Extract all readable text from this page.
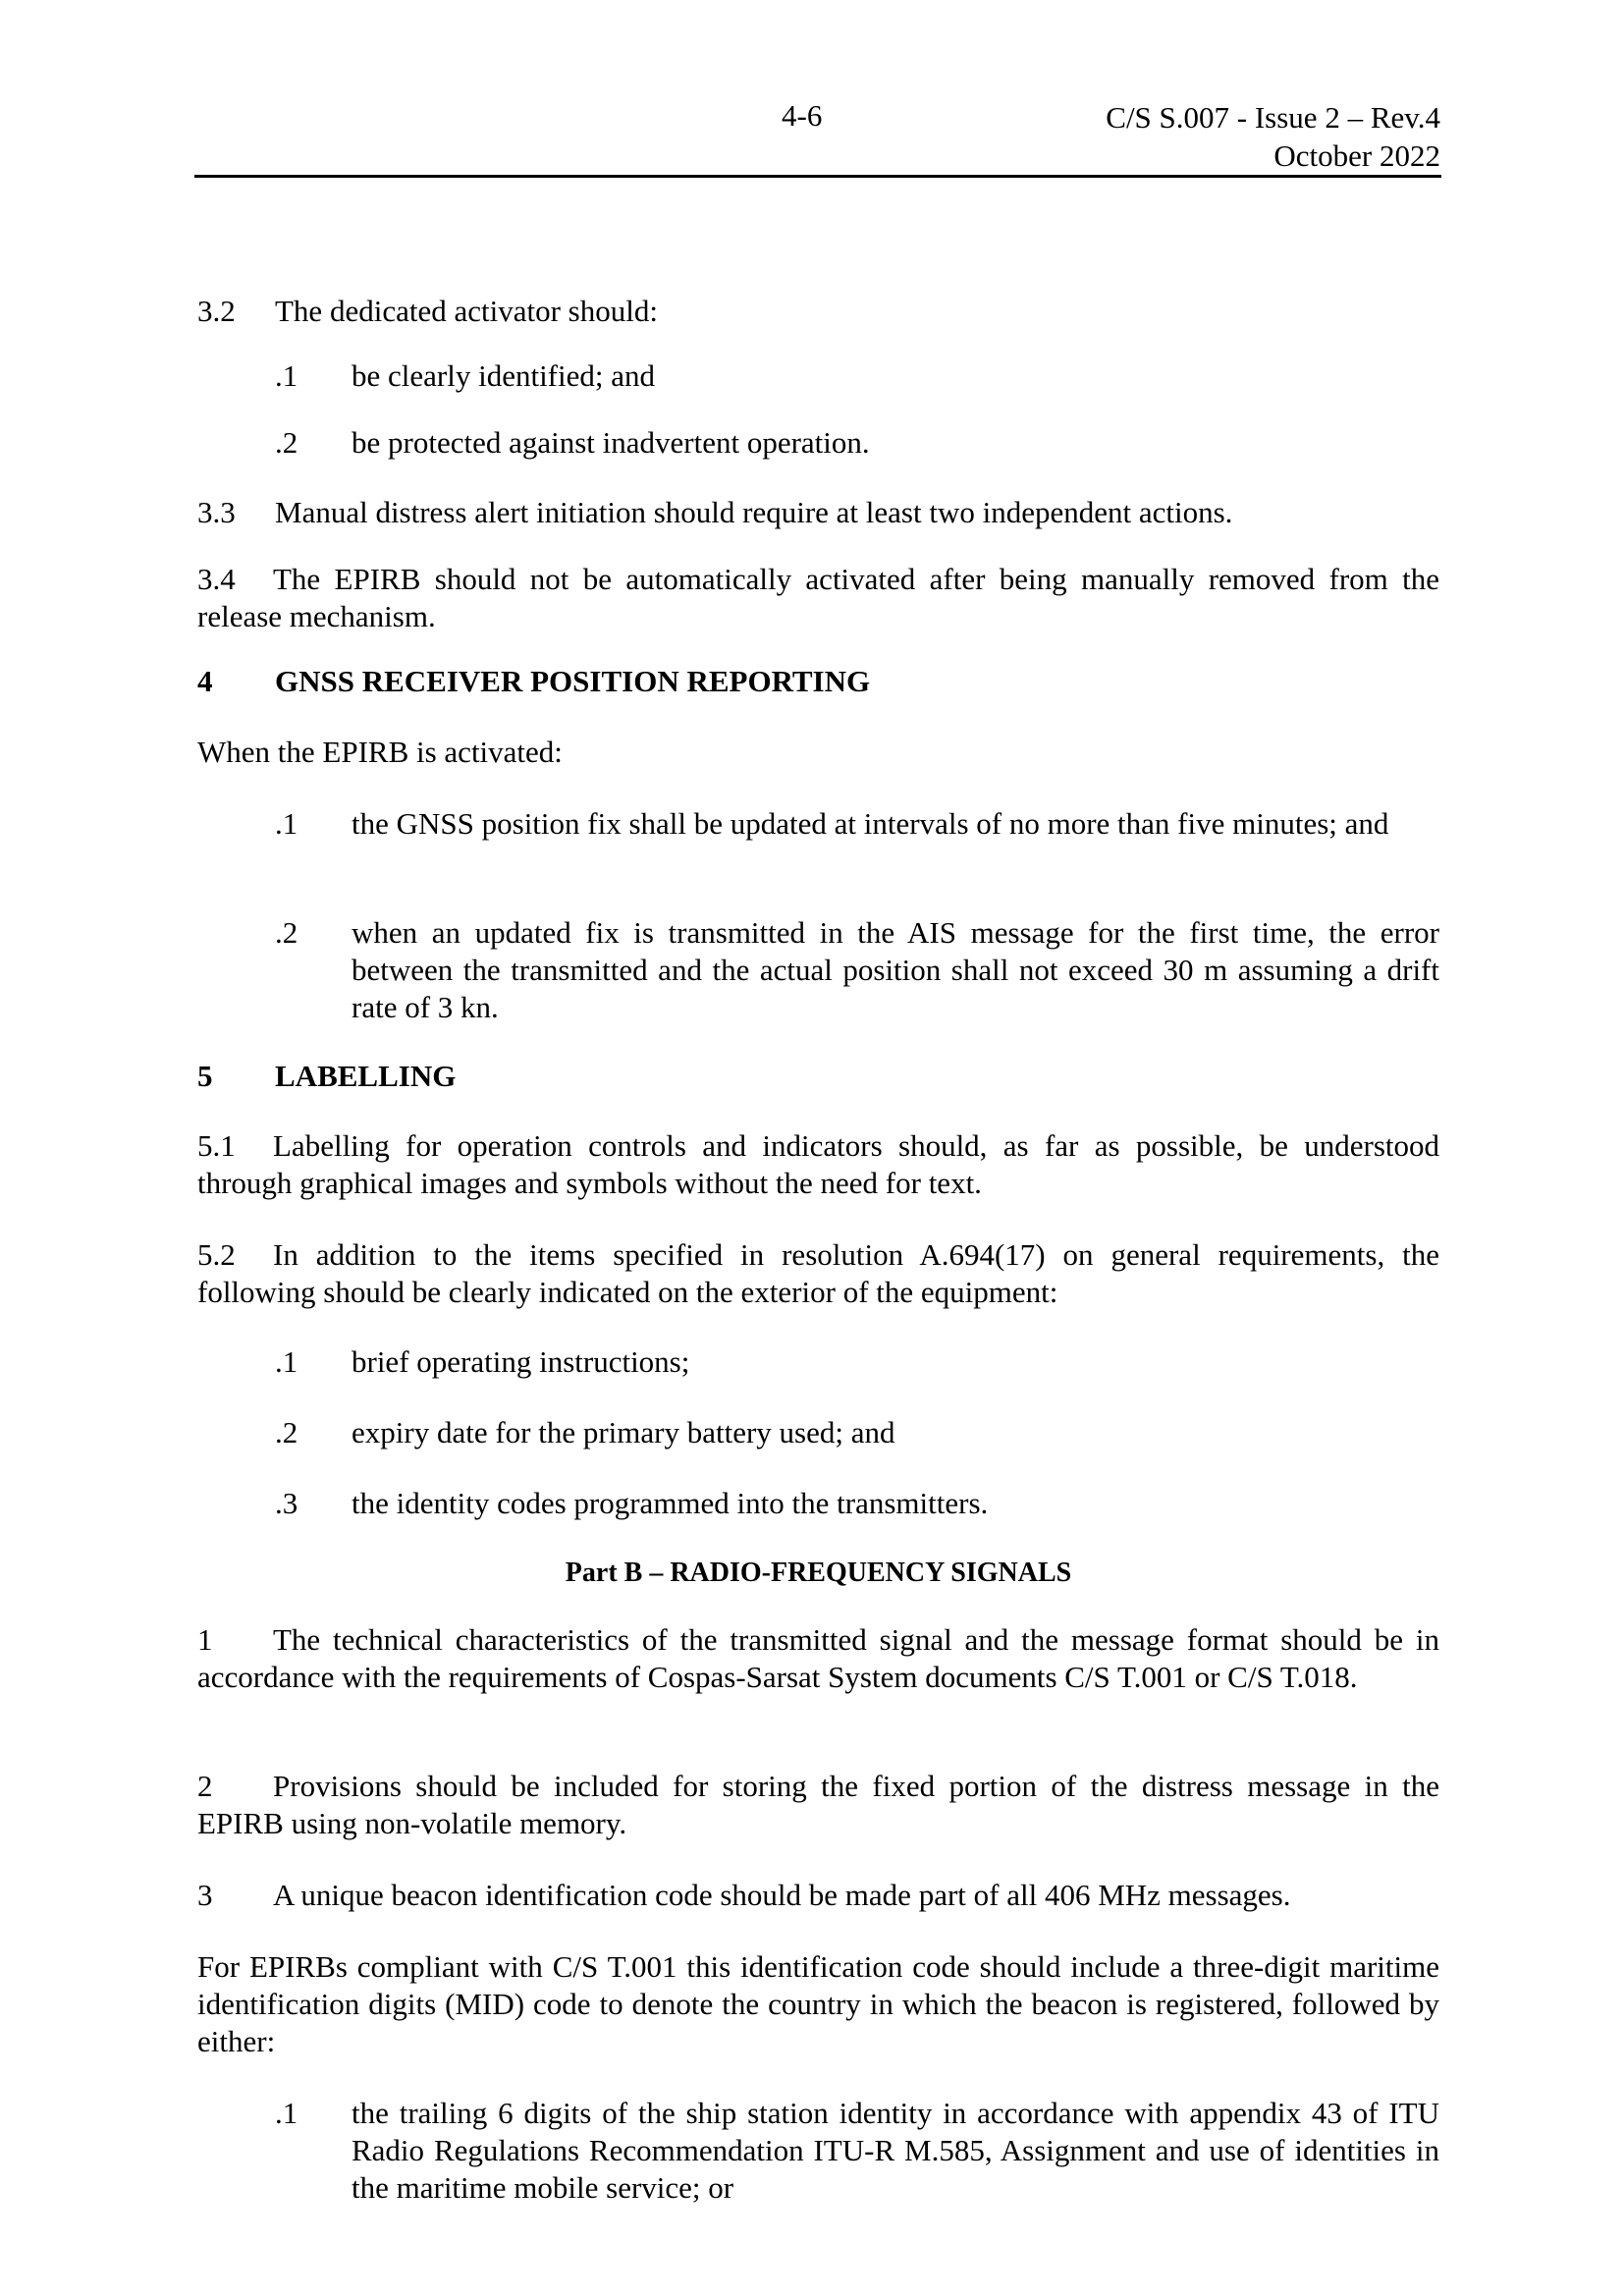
4-6	C/S S.007 - Issue 2 – Rev.4
October 2022
3.2 The dedicated activator should:
.1 be clearly identified; and
.2 be protected against inadvertent operation.
3.3 Manual distress alert initiation should require at least two independent actions.
3.4 The EPIRB should not be automatically activated after being manually removed from the release mechanism.
4 GNSS RECEIVER POSITION REPORTING
When the EPIRB is activated:
.1 the GNSS position fix shall be updated at intervals of no more than five minutes; and
.2 when an updated fix is transmitted in the AIS message for the first time, the error between the transmitted and the actual position shall not exceed 30 m assuming a drift rate of 3 kn.
5 LABELLING
5.1 Labelling for operation controls and indicators should, as far as possible, be understood through graphical images and symbols without the need for text.
5.2 In addition to the items specified in resolution A.694(17) on general requirements, the following should be clearly indicated on the exterior of the equipment:
.1 brief operating instructions;
.2 expiry date for the primary battery used; and
.3 the identity codes programmed into the transmitters.
Part B – RADIO-FREQUENCY SIGNALS
1 The technical characteristics of the transmitted signal and the message format should be in accordance with the requirements of Cospas-Sarsat System documents C/S T.001 or C/S T.018.
2 Provisions should be included for storing the fixed portion of the distress message in the EPIRB using non-volatile memory.
3 A unique beacon identification code should be made part of all 406 MHz messages.
For EPIRBs compliant with C/S T.001 this identification code should include a three-digit maritime identification digits (MID) code to denote the country in which the beacon is registered, followed by either:
.1 the trailing 6 digits of the ship station identity in accordance with appendix 43 of ITU Radio Regulations Recommendation ITU-R M.585, Assignment and use of identities in the maritime mobile service; or
